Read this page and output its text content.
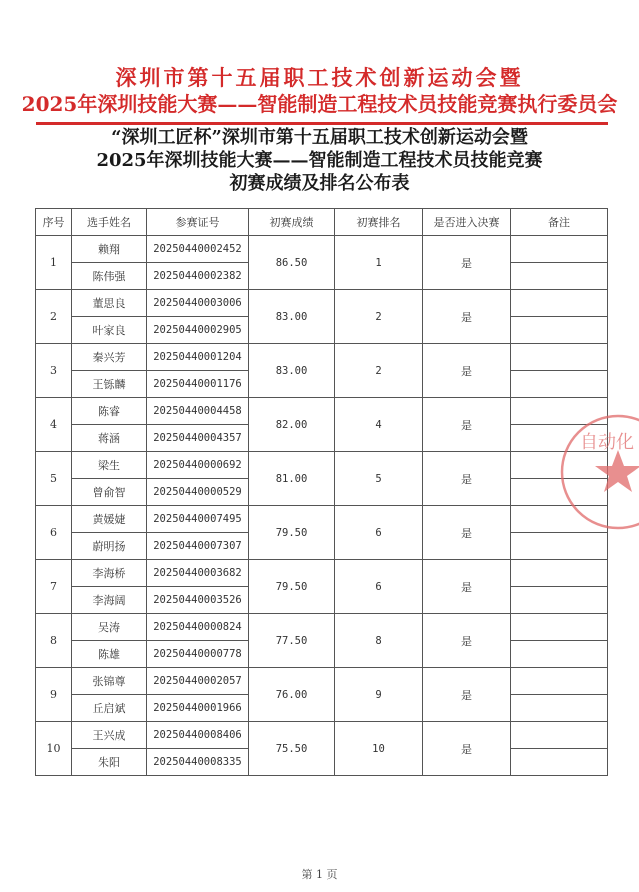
深圳市第十五届职工技术创新运动会暨
2025年深圳技能大赛——智能制造工程技术员技能竞赛执行委员会
“深圳工匠杯”深圳市第十五届职工技术创新运动会暨
2025年深圳技能大赛——智能制造工程技术员技能竞赛
初赛成绩及排名公布表
序号	选手姓名	参赛证号	初赛成绩	初赛排名	是否进入决赛	备注
1	赖翔	20250440002452	86.50	1	是	
	陈伟强	20250440002382				
2	董思良	20250440003006	83.00	2	是	
	叶家良	20250440002905				
3	秦兴芳	20250440001204	83.00	2	是	
	王铄麟	20250440001176				
4	陈睿	20250440004458	82.00	4	是	
	蒋涵	20250440004357				
5	梁生	20250440000692	81.00	5	是	
	曾俞智	20250440000529				
6	黄媛婕	20250440007495	79.50	6	是	
	蔚明扬	20250440007307				
7	李海桥	20250440003682	79.50	6	是	
	李海阔	20250440003526				
8	吴涛	20250440000824	77.50	8	是	
	陈雄	20250440000778				
9	张锦尊	20250440002057	76.00	9	是	
	丘启斌	20250440001966				
10	王兴成	20250440008406	75.50	10	是	
	朱阳	20250440008335				
自动化
第 1 页
